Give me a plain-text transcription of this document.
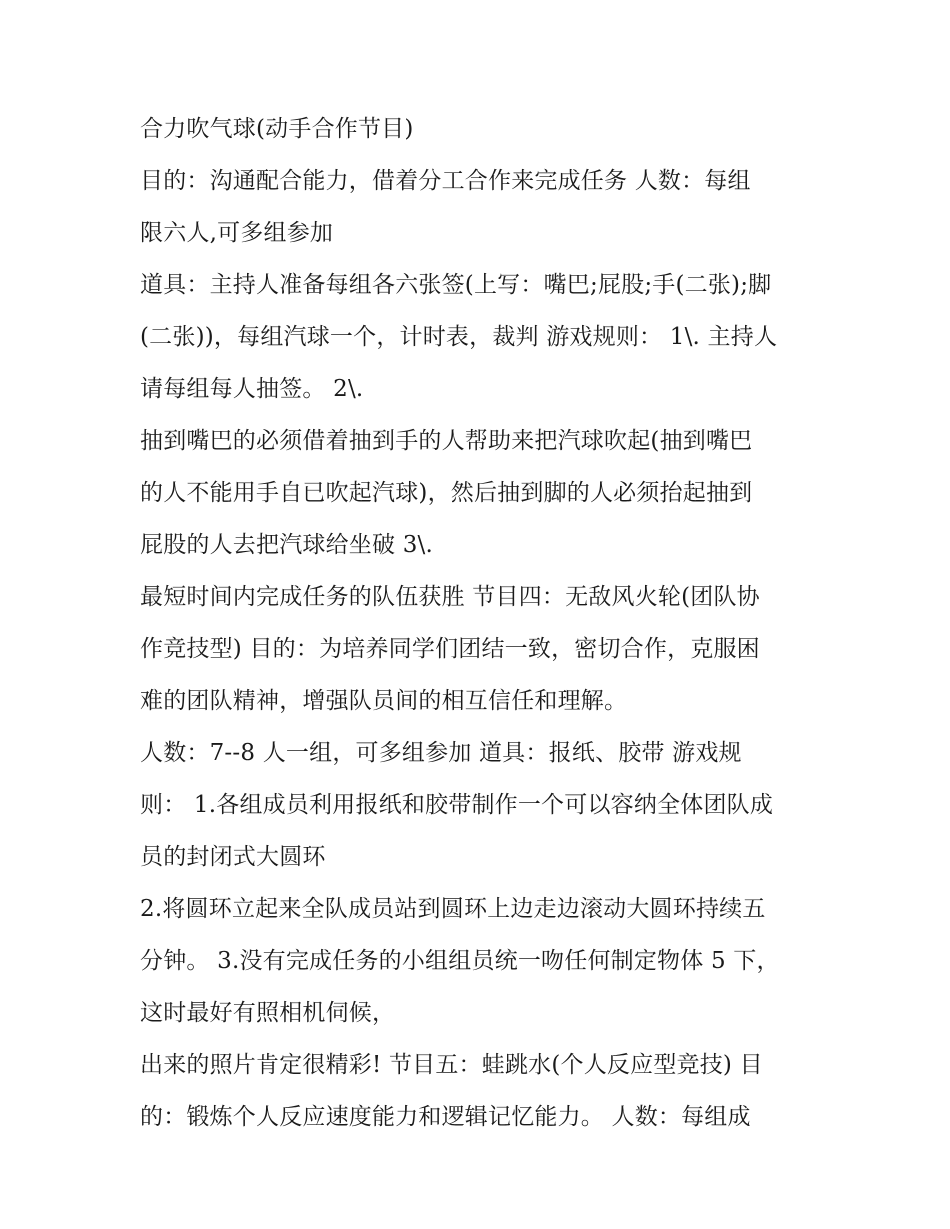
合力吹气球(动手合作节目)
目的：沟通配合能力，借着分工合作来完成任务 人数：每组
限六人,可多组参加
道具：主持人准备每组各六张签(上写：嘴巴;屁股;手(二张);脚
(二张))，每组汽球一个，计时表，裁判 游戏规则： 1\. 主持人
请每组每人抽签。 2\.
抽到嘴巴的必须借着抽到手的人帮助来把汽球吹起(抽到嘴巴
的人不能用手自已吹起汽球)，然后抽到脚的人必须抬起抽到
屁股的人去把汽球给坐破 3\.
最短时间内完成任务的队伍获胜 节目四：无敌风火轮(团队协
作竞技型) 目的：为培养同学们团结一致，密切合作，克服困
难的团队精神，增强队员间的相互信任和理解。
人数：7--8 人一组，可多组参加 道具：报纸、胶带 游戏规
则： 1.各组成员利用报纸和胶带制作一个可以容纳全体团队成
员的封闭式大圆环
2.将圆环立起来全队成员站到圆环上边走边滚动大圆环持续五
分钟。 3.没有完成任务的小组组员统一吻任何制定物体 5 下，
这时最好有照相机伺候，
出来的照片肯定很精彩! 节目五：蛙跳水(个人反应型竞技) 目
的：锻炼个人反应速度能力和逻辑记忆能力。 人数：每组成
